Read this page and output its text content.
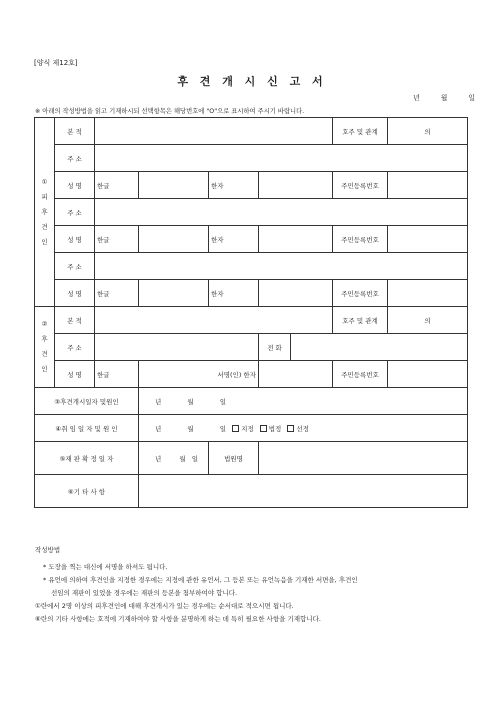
[양식 제12호]
후 견 개 시 신 고 서
년	월	일
※ 아래의 작성방법을 읽고 기재하시되 선택항목은 해당번호에 "O"으로 표시하여 주시기 바랍니다.
①
피
후
견
인	본 적						호주 및 관계	의
	주 소							
	성 명	한글		한자			주민등록번호	
	주 소							
	성 명	한글		한자			주민등록번호	
	주 소							
	성 명	한글		한자			주민등록번호	
②
후
견
인	본 적						호주 및 관계	의
	주 소				전 화			
	성 명	한글		서명(인) 한자			주민등록번호	
③후견개시일자 및원인			년 월 일					
④취 임 일 자 및 원 인			년 월 일 지정 법정 선정					
⑤재 판 확 정 일 자			년 월 일	법원명				
⑥기 타 사 항								
작성방법

* 도장을 찍는 대신에 서명을 하셔도 됩니다.

* 유언에 의하여 후견인을 지정한 경우에는 지정에 관한 유언서, 그 등본 또는 유언녹음을 기재한 서면을, 후견인

선임의 재판이 있었을 경우에는 재판의 등본을 첨부하여야 합니다.

①란에서 2명 이상의 피후견인에 대해 후견개시가 있는 경우에는 순서대로 적으시면 됩니다.

⑥란의 기타 사항에는 호적에 기재하여야 할 사항을 분명하게 하는 데 특히 필요한 사항을 기재합니다.
